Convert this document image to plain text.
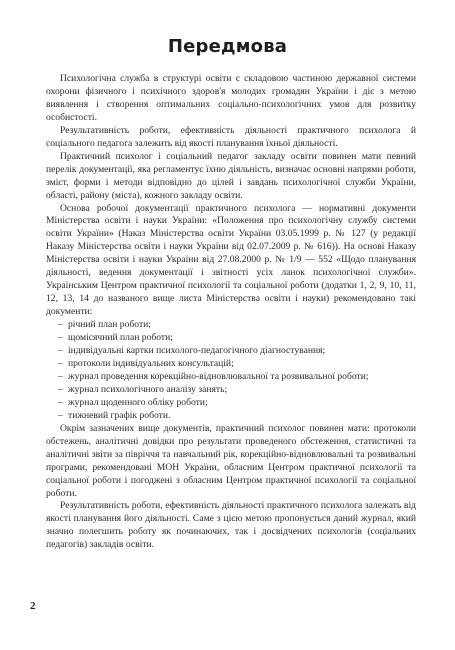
Передмова

Психологічна служба в структурі освіти є складовою частиною державної системи охорони фізичного і психічного здоров'я молодих громадян України і діє з метою виявлення і створення оптимальних соціально-психологічних умов для розвитку особистості.

Результативність роботи, ефективність діяльності практичного психолога й соціального педагога залежить від якості планування їхньої діяльності.

Практичний психолог і соціальний педагог закладу освіти повинен мати певний перелік документації, яка регламентує їхню діяльність, визначає основні напрями роботи, зміст, форми і методи відповідно до цілей і завдань психологічної служби України, області, району (міста), кожного закладу освіти.

Основа робочої документації практичного психолога — нормативні документи Міністерства освіти і науки України: «Положення про психологічну службу системи освіти України» (Наказ Міністерства освіти України 03.05.1999 р. № 127 (у редакції Наказу Міністерства освіти і науки України від 02.07.2009 р. № 616)). На основі Наказу Міністерства освіти і науки України від 27.08.2000 р. № 1/9 — 552 «Щодо планування діяльності, ведення документації і звітності усіх ланок психологічної служби». Українським Центром практичної психології та соціальної роботи (додатки 1, 2, 9, 10, 11, 12, 13, 14 до названого вище листа Міністерства освіти і науки) рекомендовано такі документи:

– річний план роботи;
– щомісячний план роботи;
– індивідуальні картки психолого-педагогічного діагностування;
– протоколи індивідуальних консультацій;
– журнал проведення корекційно-відновлювальної та розвивальної роботи;
– журнал психологічного аналізу занять;
– журнал щоденного обліку роботи;
– тижневий графік роботи.

Окрім зазначених вище документів, практичний психолог повинен мати: протоколи обстежень, аналітичні довідки про результати проведеного обстеження, статистичні та аналітичні звіти за півріччя та навчальний рік, корекційно-відновлювальні та розвивальні програми, рекомендовані МОН України, обласним Центром практичної психології та соціальної роботи і погоджені з обласним Центром практичної психології та соціальної роботи.

Результативність роботи, ефективність діяльності практичного психолога залежать від якості планування його діяльності. Саме з цією метою пропонується даний журнал, який значно полегшить роботу як починаючих, так і досвідчених психологів (соціальних педагогів) закладів освіти.

2
